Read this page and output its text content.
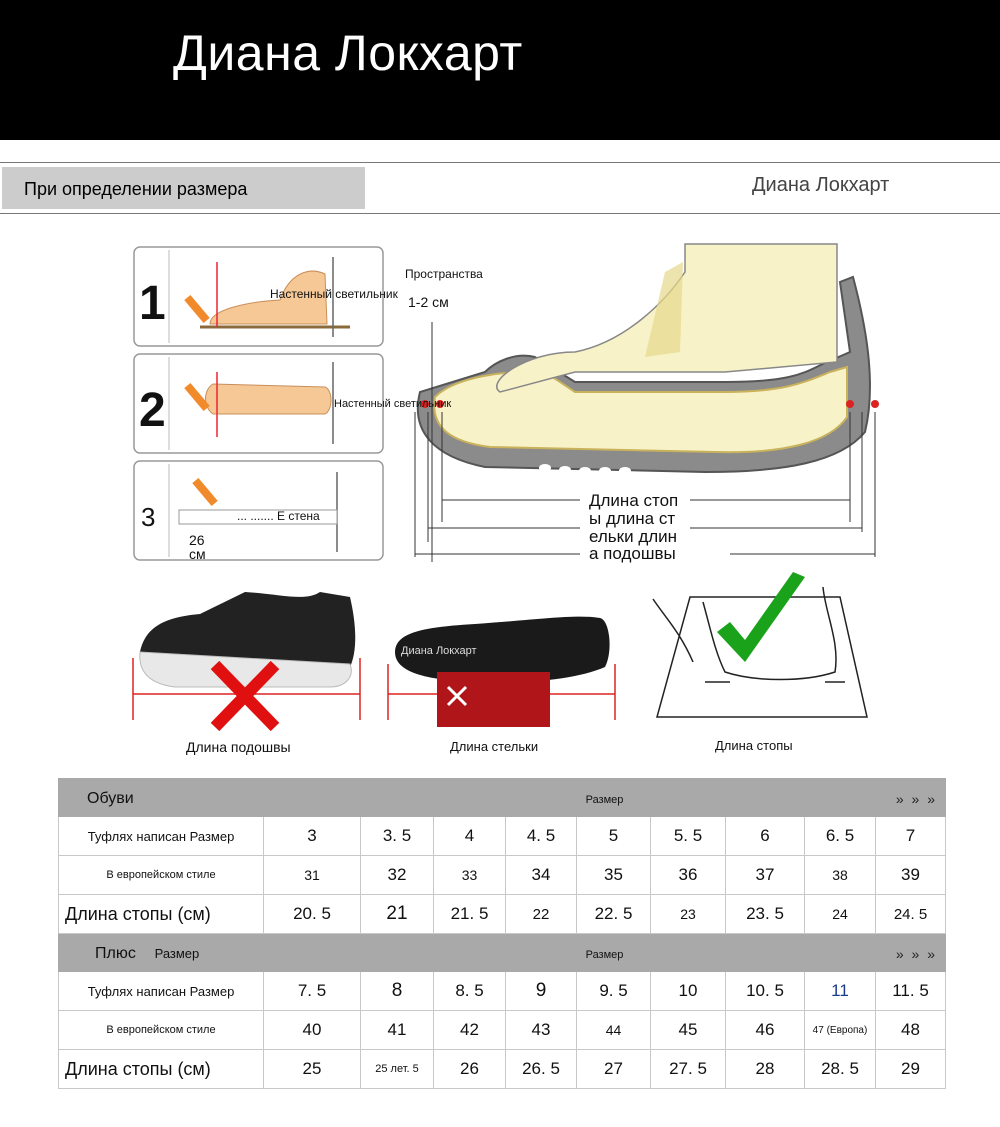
Диана Локхарт
При определении размера	Диана Локхарт
1
2
3
Настенный светильник
Настенный светильник
... ....... Е стена
26
см
Пространства
1-2 см
Длина стоп
ы длина ст
ельки длин
а подошвы
Диана Локхарт
Длина подошвы	Длина стельки	Длина стопы
Обуви	Размер » » »								

Туфлях написан Размер	3	3. 5	4	4. 5	5	5. 5	6	6. 5	7
В европейском стиле	31	32	33	34	35	36	37	38	39
Длина стопы (см)	20. 5	21	21. 5	22	22. 5	23	23. 5	24	24. 5
Плюс Размер	Размер » » »								

Туфлях написан Размер	7. 5	8	8. 5	9	9. 5	10	10. 5	11	11. 5
В европейском стиле	40	41	42	43	44	45	46	47 (Европа)	48
Длина стопы (см)	25	25 лет. 5	26	26. 5	27	27. 5	28	28. 5	29
